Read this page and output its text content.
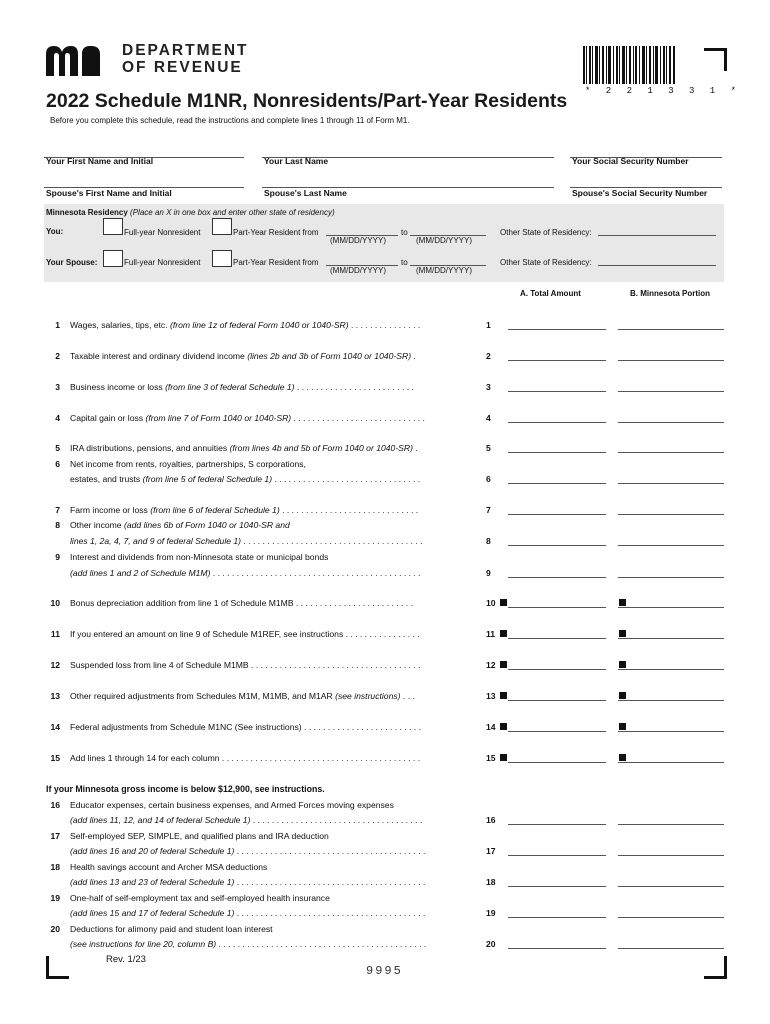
DEPARTMENT
OF REVENUE
* 2 2 1 3 3 1 *
2022 Schedule M1NR, Nonresidents/Part-Year Residents
Before you complete this schedule, read the instructions and complete lines 1 through 11 of Form M1.
Your First Name and Initial	Your Last Name	Your Social Security Number
Spouse's First Name and Initial	Spouse's Last Name	Spouse's Social Security Number
Minnesota Residency (Place an X in one box and enter other state of residency)
You:	Full-year Nonresident	Part-Year Resident from	to
(MM/DD/YYYY)	(MM/DD/YYYY)
Other State of Residency:
Your Spouse:	Full-year Nonresident	Part-Year Resident from	to
(MM/DD/YYYY)	(MM/DD/YYYY)
Other State of Residency:
A. Total Amount	B. Minnesota Portion
1 Wages, salaries, tips, etc. (from line 1z of federal Form 1040 or 1040-SR) . . . . . . . . . . . . . . .	1
2 Taxable interest and ordinary dividend income (lines 2b and 3b of Form 1040 or 1040-SR) .	2
3 Business income or loss (from line 3 of federal Schedule 1) . . . . . . . . . . . . . . . . . . . . . . . . .	3
4 Capital gain or loss (from line 7 of Form 1040 or 1040-SR) . . . . . . . . . . . . . . . . . . . . . . . . . . . .	4
5 IRA distributions, pensions, and annuities (from lines 4b and 5b of Form 1040 or 1040-SR) .	5
6 Net income from rents, royalties, partnerships, S corporations,
estates, and trusts (from line 5 of federal Schedule 1) . . . . . . . . . . . . . . . . . . . . . . . . . . . . . . .	6
7 Farm income or loss (from line 6 of federal Schedule 1) . . . . . . . . . . . . . . . . . . . . . . . . . . . . .	7
8 Other income (add lines 6b of Form 1040 or 1040-SR and
lines 1, 2a, 4, 7, and 9 of federal Schedule 1) . . . . . . . . . . . . . . . . . . . . . . . . . . . . . . . . . . . . . .	8
9 Interest and dividends from non-Minnesota state or municipal bonds
(add lines 1 and 2 of Schedule M1M) . . . . . . . . . . . . . . . . . . . . . . . . . . . . . . . . . . . . . . . . . . . .	9
10 Bonus depreciation addition from line 1 of Schedule M1MB . . . . . . . . . . . . . . . . . . . . . . . . .	10
11 If you entered an amount on line 9 of Schedule M1REF, see instructions . . . . . . . . . . . . . . . .	11
12 Suspended loss from line 4 of Schedule M1MB . . . . . . . . . . . . . . . . . . . . . . . . . . . . . . . . . . . .	12
13 Other required adjustments from Schedules M1M, M1MB, and M1AR (see instructions) . . .	13
14 Federal adjustments from Schedule M1NC (See instructions) . . . . . . . . . . . . . . . . . . . . . . . . .	14
15 Add lines 1 through 14 for each column . . . . . . . . . . . . . . . . . . . . . . . . . . . . . . . . . . . . . . . . . .	15
16 Educator expenses, certain business expenses, and Armed Forces moving expenses
(add lines 11, 12, and 14 of federal Schedule 1) . . . . . . . . . . . . . . . . . . . . . . . . . . . . . . . . . . . .	16
17 Self-employed SEP, SIMPLE, and qualified plans and IRA deduction
(add lines 16 and 20 of federal Schedule 1) . . . . . . . . . . . . . . . . . . . . . . . . . . . . . . . . . . . . . . . .	17
18 Health savings account and Archer MSA deductions
(add lines 13 and 23 of federal Schedule 1) . . . . . . . . . . . . . . . . . . . . . . . . . . . . . . . . . . . . . . . .	18
19 One-half of self-employment tax and self-employed health insurance
(add lines 15 and 17 of federal Schedule 1) . . . . . . . . . . . . . . . . . . . . . . . . . . . . . . . . . . . . . . . .	19
20 Deductions for alimony paid and student loan interest
(see instructions for line 20, column B) . . . . . . . . . . . . . . . . . . . . . . . . . . . . . . . . . . . . . . . . . . . .	20
If your Minnesota gross income is below $12,900, see instructions.
Rev. 1/23
9995
